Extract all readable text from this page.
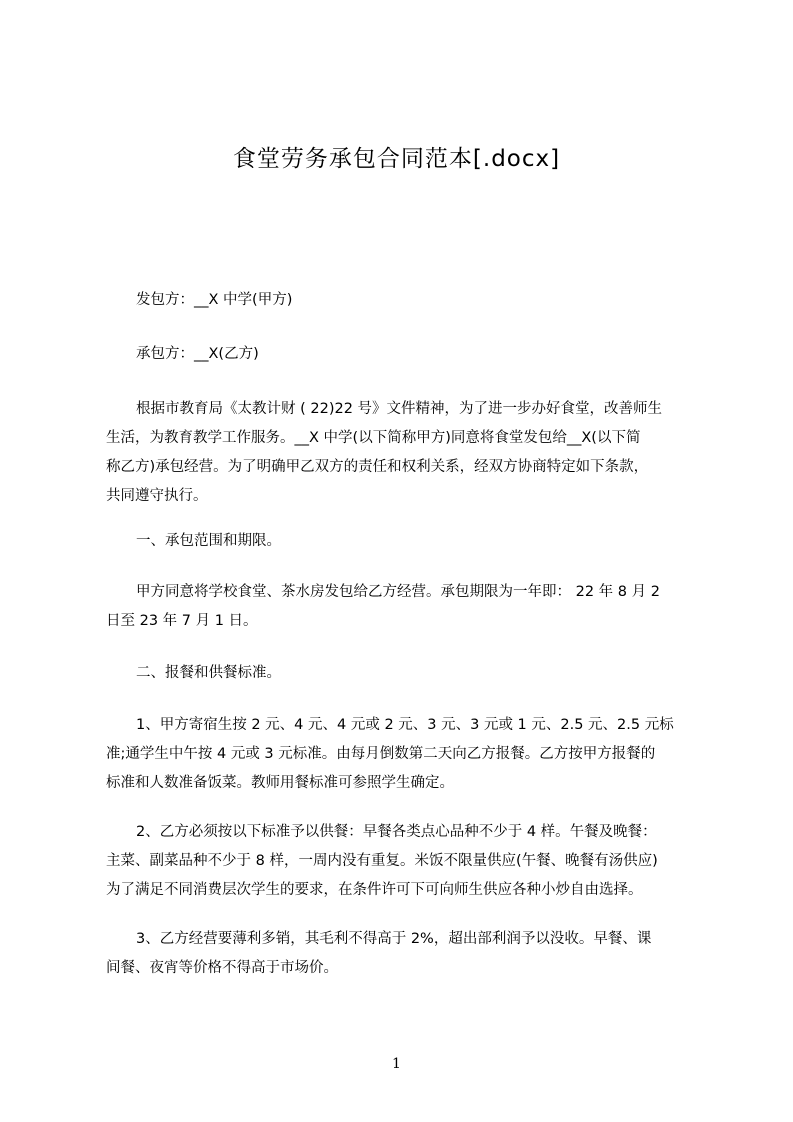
食堂劳务承包合同范本[.docx]
发包方：__X 中学(甲方)
承包方：__X(乙方)
根据市教育局《太教计财 ( 22)22 号》文件精神，为了进一步办好食堂，改善师生
生活，为教育教学工作服务。__X 中学(以下简称甲方)同意将食堂发包给__X(以下简
称乙方)承包经营。为了明确甲乙双方的责任和权利关系，经双方协商特定如下条款，
共同遵守执行。
一、承包范围和期限。
甲方同意将学校食堂、茶水房发包给乙方经营。承包期限为一年即： 22 年 8 月 2
日至 23 年 7 月 1 日。
二、报餐和供餐标准。
1、甲方寄宿生按 2 元、4 元、4 元或 2 元、3 元、3 元或 1 元、2.5 元、2.5 元标
准;通学生中午按 4 元或 3 元标准。由每月倒数第二天向乙方报餐。乙方按甲方报餐的
标准和人数准备饭菜。教师用餐标准可参照学生确定。
2、乙方必须按以下标准予以供餐：早餐各类点心品种不少于 4 样。午餐及晚餐：
主菜、副菜品种不少于 8 样，一周内没有重复。米饭不限量供应(午餐、晚餐有汤供应)
为了满足不同消费层次学生的要求，在条件许可下可向师生供应各种小炒自由选择。
3、乙方经营要薄利多销，其毛利不得高于 2%，超出部利润予以没收。早餐、课
间餐、夜宵等价格不得高于市场价。
1
